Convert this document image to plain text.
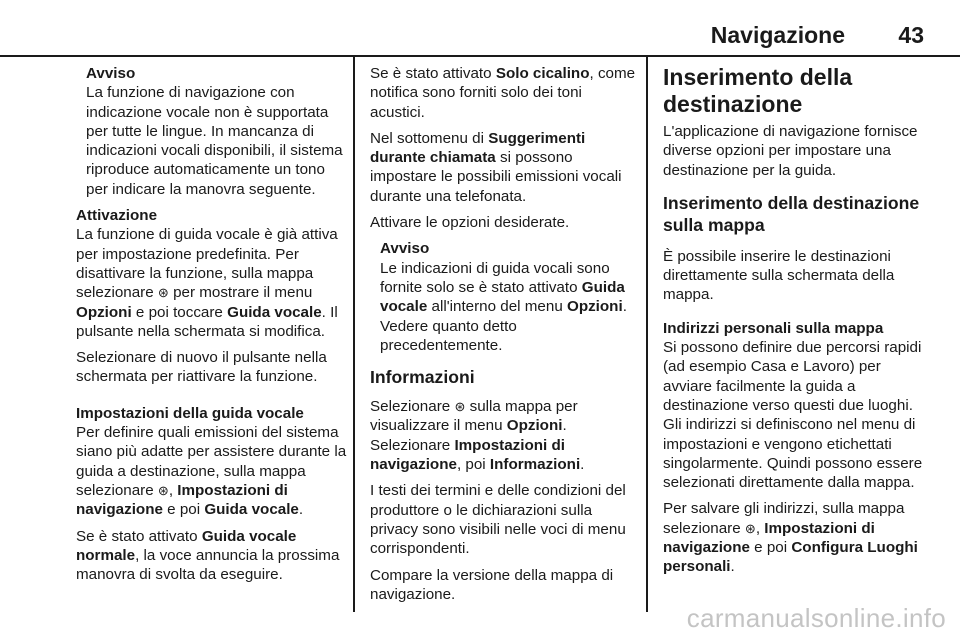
Navigazione 43
Avviso
La funzione di navigazione con indicazione vocale non è supportata per tutte le lingue. In mancanza di indicazioni vocali disponibili, il sistema riproduce automaticamente un tono per indicare la manovra seguente.
Attivazione

La funzione di guida vocale è già attiva per impostazione predefinita. Per disattivare la funzione, sulla mappa selezionare ⊛ per mostrare il menu Opzioni e poi toccare Guida vocale. Il pulsante nella schermata si modifica.

Selezionare di nuovo il pulsante nella schermata per riattivare la funzione.

Impostazioni della guida vocale

Per definire quali emissioni del sistema siano più adatte per assistere durante la guida a destinazione, sulla mappa selezionare ⊛, Impostazioni di navigazione e poi Guida vocale.

Se è stato attivato Guida vocale normale, la voce annuncia la prossima manovra di svolta da eseguire.

Se è stato attivato Solo cicalino, come notifica sono forniti solo dei toni acustici.

Nel sottomenu di Suggerimenti durante chiamata si possono impostare le possibili emissioni vocali durante una telefonata.

Attivare le opzioni desiderate.

Avviso
Le indicazioni di guida vocali sono fornite solo se è stato attivato Guida vocale all'interno del menu Opzioni. Vedere quanto detto precedentemente.
Informazioni

Selezionare ⊛ sulla mappa per visualizzare il menu Opzioni. Selezionare Impostazioni di navigazione, poi Informazioni.

I testi dei termini e delle condizioni del produttore o le dichiarazioni sulla privacy sono visibili nelle voci di menu corrispondenti.

Compare la versione della mappa di navigazione.

Inserimento della destinazione

L'applicazione di navigazione fornisce diverse opzioni per impostare una destinazione per la guida.

Inserimento della destinazione sulla mappa

È possibile inserire le destinazioni direttamente sulla schermata della mappa.

Indirizzi personali sulla mappa

Si possono definire due percorsi rapidi (ad esempio Casa e Lavoro) per avviare facilmente la guida a destinazione verso questi due luoghi. Gli indirizzi si definiscono nel menu di impostazioni e vengono etichettati singolarmente. Quindi possono essere selezionati direttamente dalla mappa.

Per salvare gli indirizzi, sulla mappa selezionare ⊛, Impostazioni di navigazione e poi Configura Luoghi personali.

carmanualsonline.info
